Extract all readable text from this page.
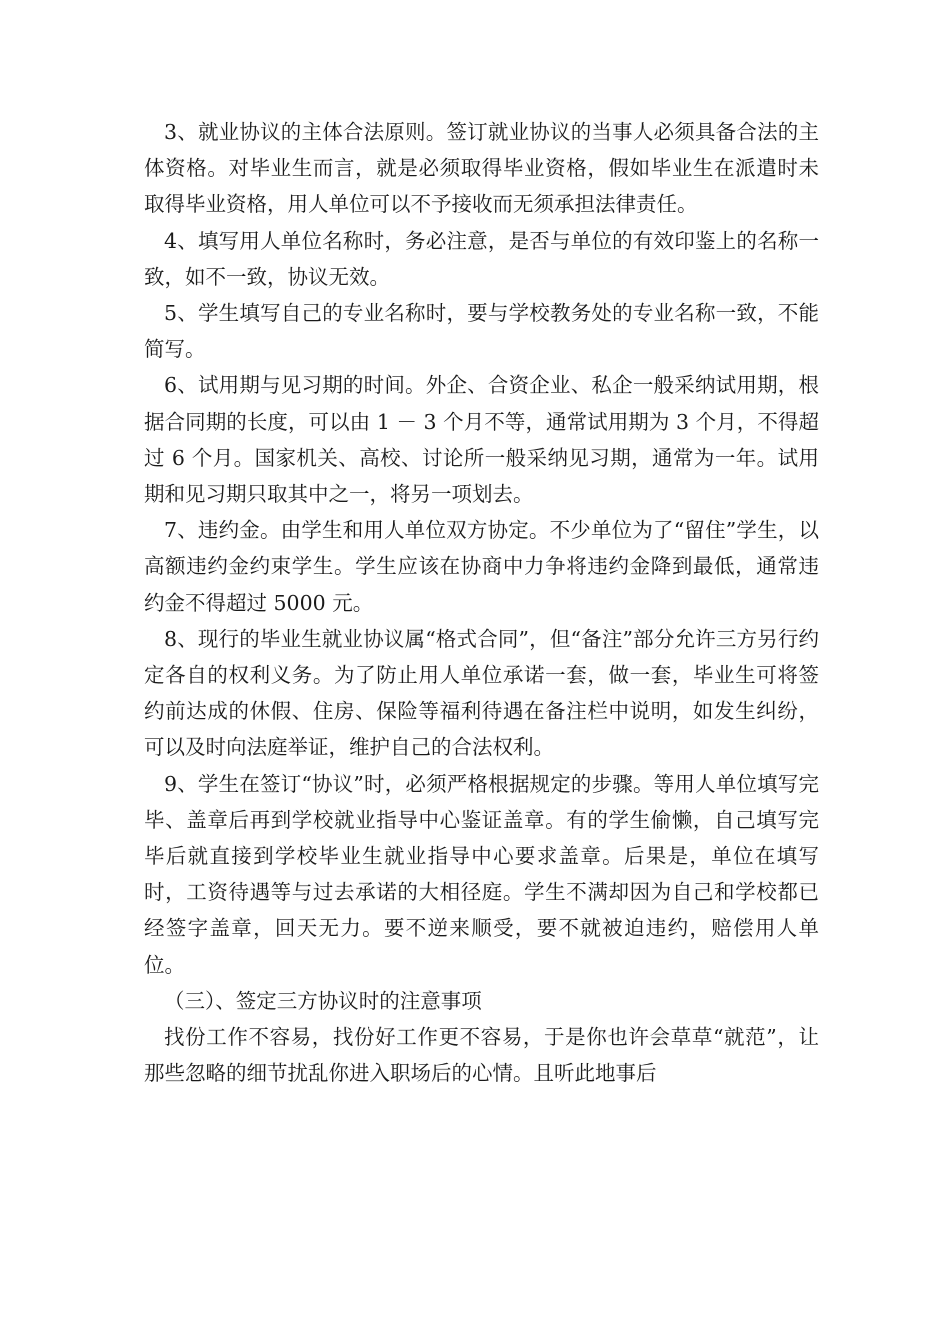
3、就业协议的主体合法原则。签订就业协议的当事人必须具备合法的主体资格。对毕业生而言，就是必须取得毕业资格，假如毕业生在派遣时未取得毕业资格，用人单位可以不予接收而无须承担法律责任。

4、填写用人单位名称时，务必注意，是否与单位的有效印鉴上的名称一致，如不一致，协议无效。

5、学生填写自己的专业名称时，要与学校教务处的专业名称一致，不能简写。

6、试用期与见习期的时间。外企、合资企业、私企一般采纳试用期，根据合同期的长度，可以由 1 － 3 个月不等，通常试用期为 3 个月，不得超过 6 个月。国家机关、高校、讨论所一般采纳见习期，通常为一年。试用期和见习期只取其中之一，将另一项划去。

7、违约金。由学生和用人单位双方协定。不少单位为了“留住”学生，以高额违约金约束学生。学生应该在协商中力争将违约金降到最低，通常违约金不得超过 5000 元。

8、现行的毕业生就业协议属“格式合同”，但“备注”部分允许三方另行约定各自的权利义务。为了防止用人单位承诺一套，做一套，毕业生可将签约前达成的休假、住房、保险等福利待遇在备注栏中说明，如发生纠纷，可以及时向法庭举证，维护自己的合法权利。

9、学生在签订“协议”时，必须严格根据规定的步骤。等用人单位填写完毕、盖章后再到学校就业指导中心鉴证盖章。有的学生偷懒，自己填写完毕后就直接到学校毕业生就业指导中心要求盖章。后果是，单位在填写时，工资待遇等与过去承诺的大相径庭。学生不满却因为自己和学校都已经签字盖章，回天无力。要不逆来顺受，要不就被迫违约，赔偿用人单位。

（三）、签定三方协议时的注意事项

找份工作不容易，找份好工作更不容易，于是你也许会草草“就范”，让那些忽略的细节扰乱你进入职场后的心情。且听此地事后
